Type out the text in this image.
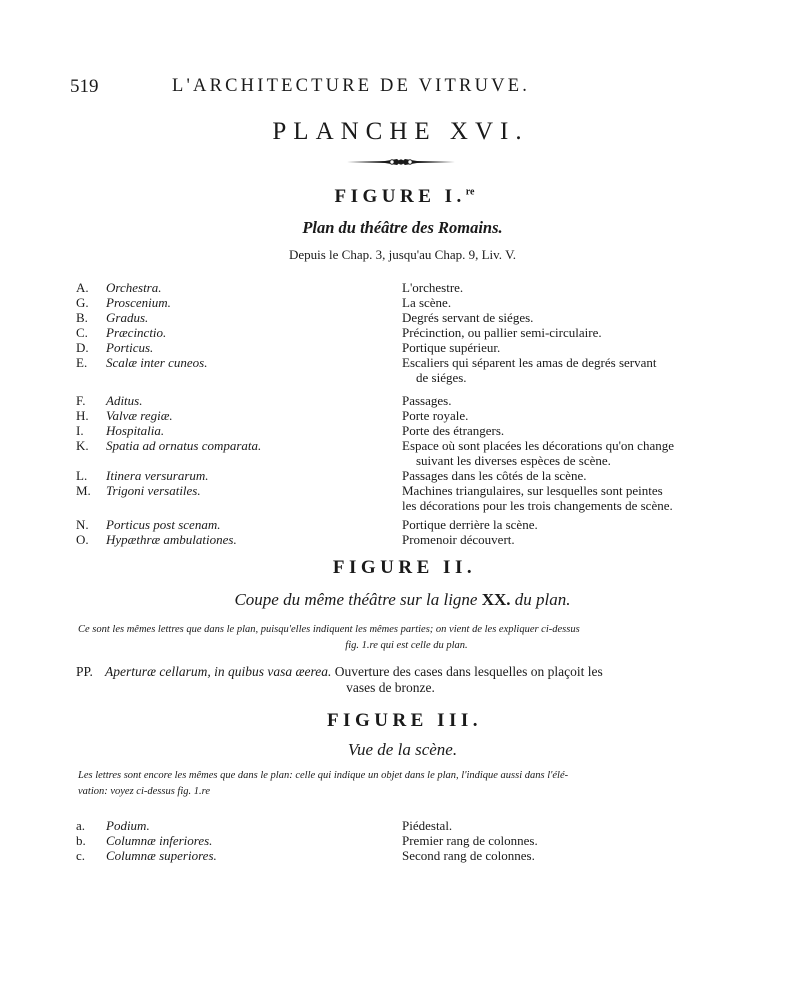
519	L'ARCHITECTURE DE VITRUVE.
PLANCHE XVI.
FIGURE I.$^{re}$
Plan du théâtre des Romains.
Depuis le Chap. 3, jusqu'au Chap. 9, Liv. V.
A.	Orchestra.	L'orchestre.
G.	Proscenium.	La scène.
B.	Gradus.	Degrés servant de siéges.
C.	Præcinctio.	Précinction, ou pallier semi-circulaire.
D.	Porticus.	Portique supérieur.
E.	Scalæ inter cuneos.	Escaliers qui séparent les amas de degrés servant
de siéges.
F.	Aditus.	Passages.
H.	Valvæ regiæ.	Porte royale.
I.	Hospitalia.	Porte des étrangers.
K.	Spatia ad ornatus comparata.	Espace où sont placées les décorations qu'on change
suivant les diverses espèces de scène.
L.	Itinera versurarum.	Passages dans les côtés de la scène.
M.	Trigoni versatiles.	Machines triangulaires, sur lesquelles sont peintes
les décorations pour les trois changements de scène.
N.	Porticus post scenam.	Portique derrière la scène.
O.	Hypæthræ ambulationes.	Promenoir découvert.
FIGURE II.
Coupe du même théâtre sur la ligne XX. du plan.
Ce sont les mêmes lettres que dans le plan, puisqu'elles indiquent les mêmes parties; on vient de les expliquer ci-dessus
fig. 1.re qui est celle du plan.
PP. Aperturæ cellarum, in quibus vasa æerea. Ouverture des cases dans lesquelles on plaçoit les
vases de bronze.
FIGURE III.
Vue de la scène.
Les lettres sont encore les mêmes que dans le plan: celle qui indique un objet dans le plan, l'indique aussi dans l'élé-
vation: voyez ci-dessus fig. 1.re
a.	Podium.	Piédestal.
b.	Columnæ inferiores.	Premier rang de colonnes.
c.	Columnæ superiores.	Second rang de colonnes.
